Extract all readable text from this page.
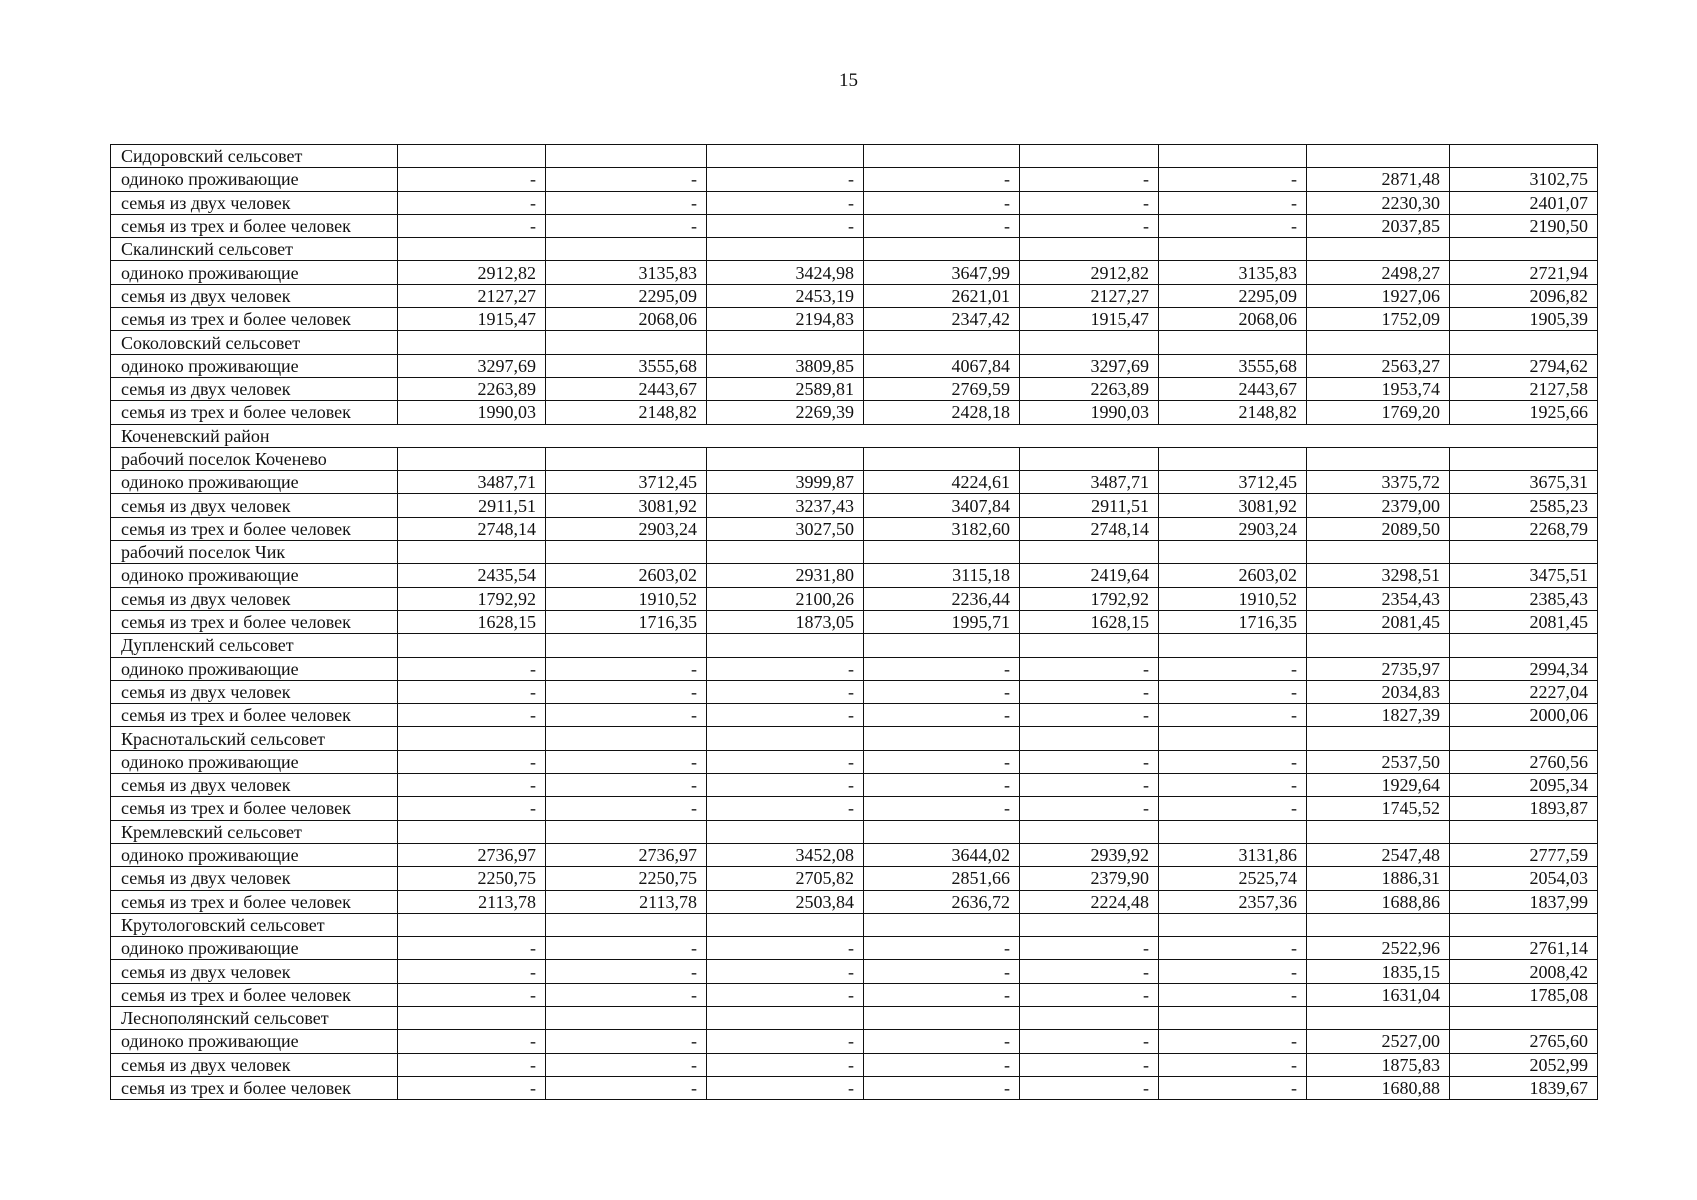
15
Сидоровский сельсовет								
одиноко проживающие	-	-	-	-	-	-	2871,48	3102,75
семья из двух человек	-	-	-	-	-	-	2230,30	2401,07
семья из трех и более человек	-	-	-	-	-	-	2037,85	2190,50
Скалинский сельсовет								
одиноко проживающие	2912,82	3135,83	3424,98	3647,99	2912,82	3135,83	2498,27	2721,94
семья из двух человек	2127,27	2295,09	2453,19	2621,01	2127,27	2295,09	1927,06	2096,82
семья из трех и более человек	1915,47	2068,06	2194,83	2347,42	1915,47	2068,06	1752,09	1905,39
Соколовский сельсовет								
одиноко проживающие	3297,69	3555,68	3809,85	4067,84	3297,69	3555,68	2563,27	2794,62
семья из двух человек	2263,89	2443,67	2589,81	2769,59	2263,89	2443,67	1953,74	2127,58
семья из трех и более человек	1990,03	2148,82	2269,39	2428,18	1990,03	2148,82	1769,20	1925,66
Коченевский район								
рабочий поселок Коченево								
одиноко проживающие	3487,71	3712,45	3999,87	4224,61	3487,71	3712,45	3375,72	3675,31
семья из двух человек	2911,51	3081,92	3237,43	3407,84	2911,51	3081,92	2379,00	2585,23
семья из трех и более человек	2748,14	2903,24	3027,50	3182,60	2748,14	2903,24	2089,50	2268,79
рабочий поселок Чик								
одиноко проживающие	2435,54	2603,02	2931,80	3115,18	2419,64	2603,02	3298,51	3475,51
семья из двух человек	1792,92	1910,52	2100,26	2236,44	1792,92	1910,52	2354,43	2385,43
семья из трех и более человек	1628,15	1716,35	1873,05	1995,71	1628,15	1716,35	2081,45	2081,45
Дупленский сельсовет								
одиноко проживающие	-	-	-	-	-	-	2735,97	2994,34
семья из двух человек	-	-	-	-	-	-	2034,83	2227,04
семья из трех и более человек	-	-	-	-	-	-	1827,39	2000,06
Краснотальский сельсовет								
одиноко проживающие	-	-	-	-	-	-	2537,50	2760,56
семья из двух человек	-	-	-	-	-	-	1929,64	2095,34
семья из трех и более человек	-	-	-	-	-	-	1745,52	1893,87
Кремлевский сельсовет								
одиноко проживающие	2736,97	2736,97	3452,08	3644,02	2939,92	3131,86	2547,48	2777,59
семья из двух человек	2250,75	2250,75	2705,82	2851,66	2379,90	2525,74	1886,31	2054,03
семья из трех и более человек	2113,78	2113,78	2503,84	2636,72	2224,48	2357,36	1688,86	1837,99
Крутологовский сельсовет								
одиноко проживающие	-	-	-	-	-	-	2522,96	2761,14
семья из двух человек	-	-	-	-	-	-	1835,15	2008,42
семья из трех и более человек	-	-	-	-	-	-	1631,04	1785,08
Леснополянский сельсовет								
одиноко проживающие	-	-	-	-	-	-	2527,00	2765,60
семья из двух человек	-	-	-	-	-	-	1875,83	2052,99
семья из трех и более человек	-	-	-	-	-	-	1680,88	1839,67
